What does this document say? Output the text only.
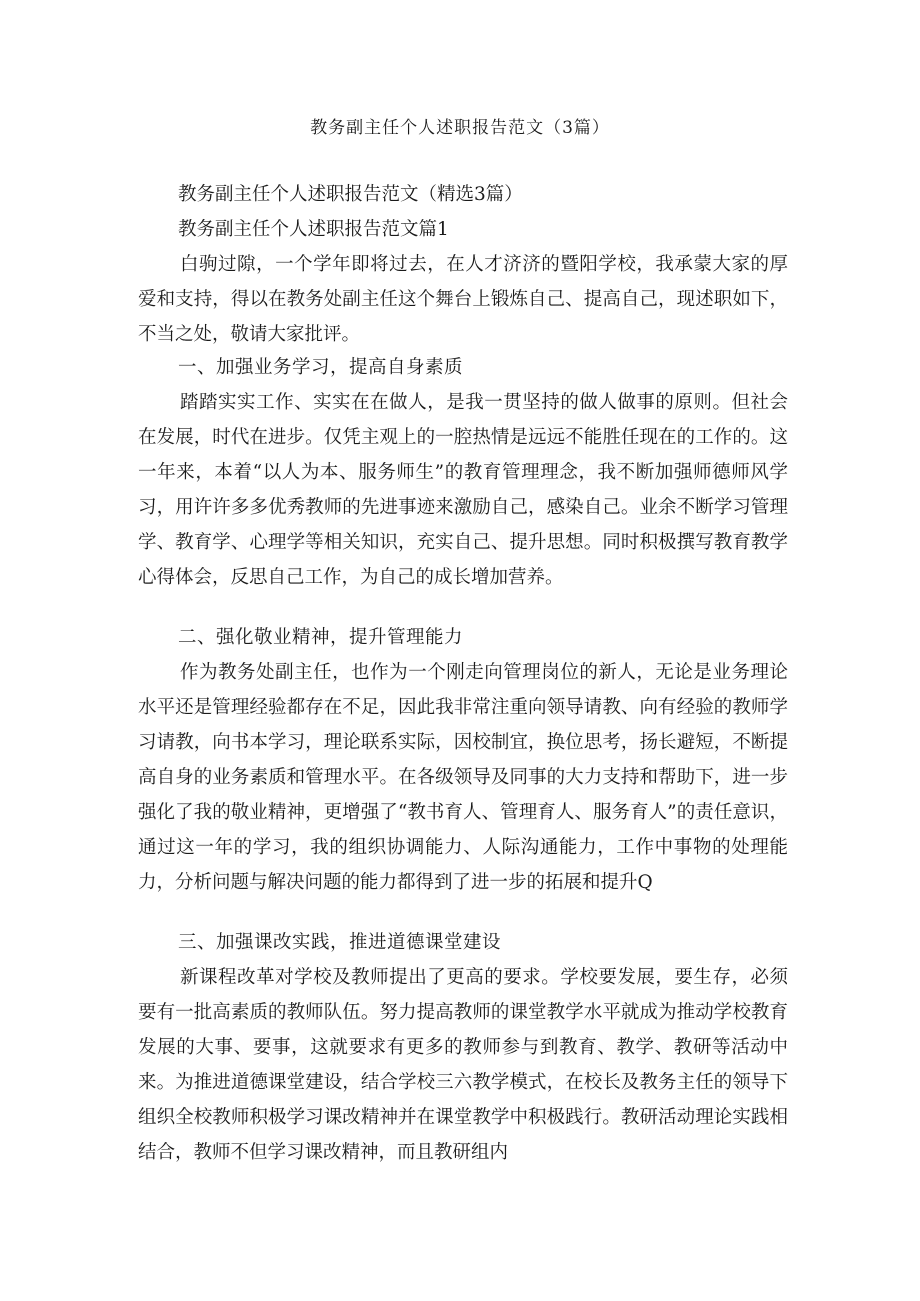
教务副主任个人述职报告范文（3篇）
教务副主任个人述职报告范文（精选3篇）
教务副主任个人述职报告范文篇1

白驹过隙，一个学年即将过去，在人才济济的暨阳学校，我承蒙大家的厚爱和支持，得以在教务处副主任这个舞台上锻炼自己、提高自己，现述职如下，不当之处，敬请大家批评。

一、加强业务学习，提高自身素质

踏踏实实工作、实实在在做人，是我一贯坚持的做人做事的原则。但社会在发展，时代在进步。仅凭主观上的一腔热情是远远不能胜任现在的工作的。这一年来，本着“以人为本、服务师生”的教育管理理念，我不断加强师德师风学习，用许许多多优秀教师的先进事迹来激励自己，感染自己。业余不断学习管理学、教育学、心理学等相关知识，充实自己、提升思想。同时积极撰写教育教学心得体会，反思自己工作，为自己的成长增加营养。

二、强化敬业精神，提升管理能力

作为教务处副主任，也作为一个刚走向管理岗位的新人，无论是业务理论水平还是管理经验都存在不足，因此我非常注重向领导请教、向有经验的教师学习请教，向书本学习，理论联系实际，因校制宜，换位思考，扬长避短，不断提高自身的业务素质和管理水平。在各级领导及同事的大力支持和帮助下，进一步强化了我的敬业精神，更增强了“教书育人、管理育人、服务育人”的责任意识，通过这一年的学习，我的组织协调能力、人际沟通能力，工作中事物的处理能力，分析问题与解决问题的能力都得到了进一步的拓展和提升Q

三、加强课改实践，推进道德课堂建设

新课程改革对学校及教师提出了更高的要求。学校要发展，要生存，必须要有一批高素质的教师队伍。努力提高教师的课堂教学水平就成为推动学校教育发展的大事、要事，这就要求有更多的教师参与到教育、教学、教研等活动中来。为推进道德课堂建设，结合学校三六教学模式，在校长及教务主任的领导下组织全校教师积极学习课改精神并在课堂教学中积极践行。教研活动理论实践相结合，教师不但学习课改精神，而且教研组内
